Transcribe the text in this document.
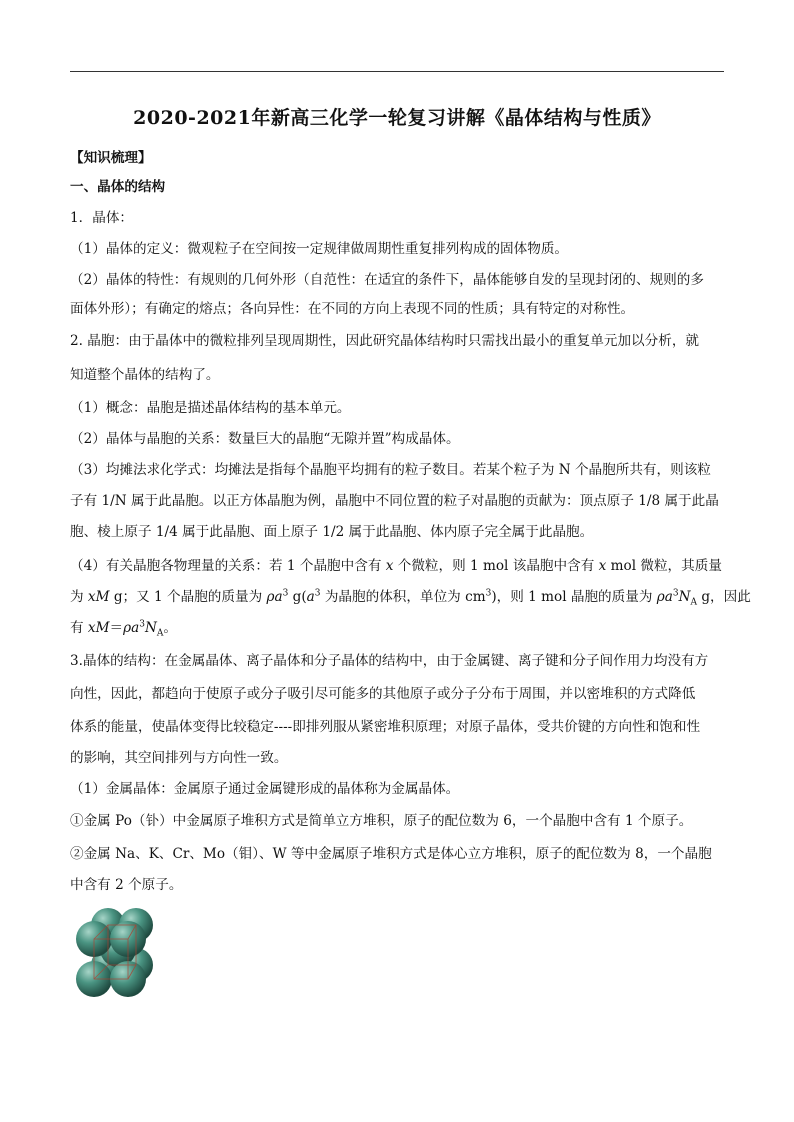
2020-2021年新高三化学一轮复习讲解《晶体结构与性质》
【知识梳理】
一、晶体的结构
1．晶体：
（1）晶体的定义：微观粒子在空间按一定规律做周期性重复排列构成的固体物质。
（2）晶体的特性：有规则的几何外形（自范性：在适宜的条件下，晶体能够自发的呈现封闭的、规则的多
面体外形）；有确定的熔点；各向异性：在不同的方向上表现不同的性质；具有特定的对称性。
2. 晶胞：由于晶体中的微粒排列呈现周期性，因此研究晶体结构时只需找出最小的重复单元加以分析，就
知道整个晶体的结构了。
（1）概念：晶胞是描述晶体结构的基本单元。
（2）晶体与晶胞的关系：数量巨大的晶胞“无隙并置”构成晶体。
（3）均摊法求化学式：均摊法是指每个晶胞平均拥有的粒子数目。若某个粒子为 N 个晶胞所共有，则该粒
子有 1/N 属于此晶胞。以正方体晶胞为例，晶胞中不同位置的粒子对晶胞的贡献为：顶点原子 1/8 属于此晶
胞、棱上原子 1/4 属于此晶胞、面上原子 1/2 属于此晶胞、体内原子完全属于此晶胞。
（4）有关晶胞各物理量的关系：若 1 个晶胞中含有 x 个微粒，则 1 mol 该晶胞中含有 x mol 微粒，其质量
为 xM g；又 1 个晶胞的质量为 $\rho a^3$ $g(a^3$ 为晶胞的体积，单位为 $cm^3$)，则 1 mol 晶胞的质量为 $\rho a^3N_A$ g，因此
有 $xM=\rho a^3N_A$。
3.晶体的结构：在金属晶体、离子晶体和分子晶体的结构中，由于金属键、离子键和分子间作用力均没有方
向性，因此，都趋向于使原子或分子吸引尽可能多的其他原子或分子分布于周围，并以密堆积的方式降低
体系的能量，使晶体变得比较稳定----即排列服从紧密堆积原理；对原子晶体，受共价键的方向性和饱和性
的影响，其空间排列与方向性一致。
（1）金属晶体：金属原子通过金属键形成的晶体称为金属晶体。
①金属 Po（钋）中金属原子堆积方式是简单立方堆积，原子的配位数为 6，一个晶胞中含有 1 个原子。
②金属 Na、K、Cr、Mo（钼）、W 等中金属原子堆积方式是体心立方堆积，原子的配位数为 8，一个晶胞
中含有 2 个原子。
